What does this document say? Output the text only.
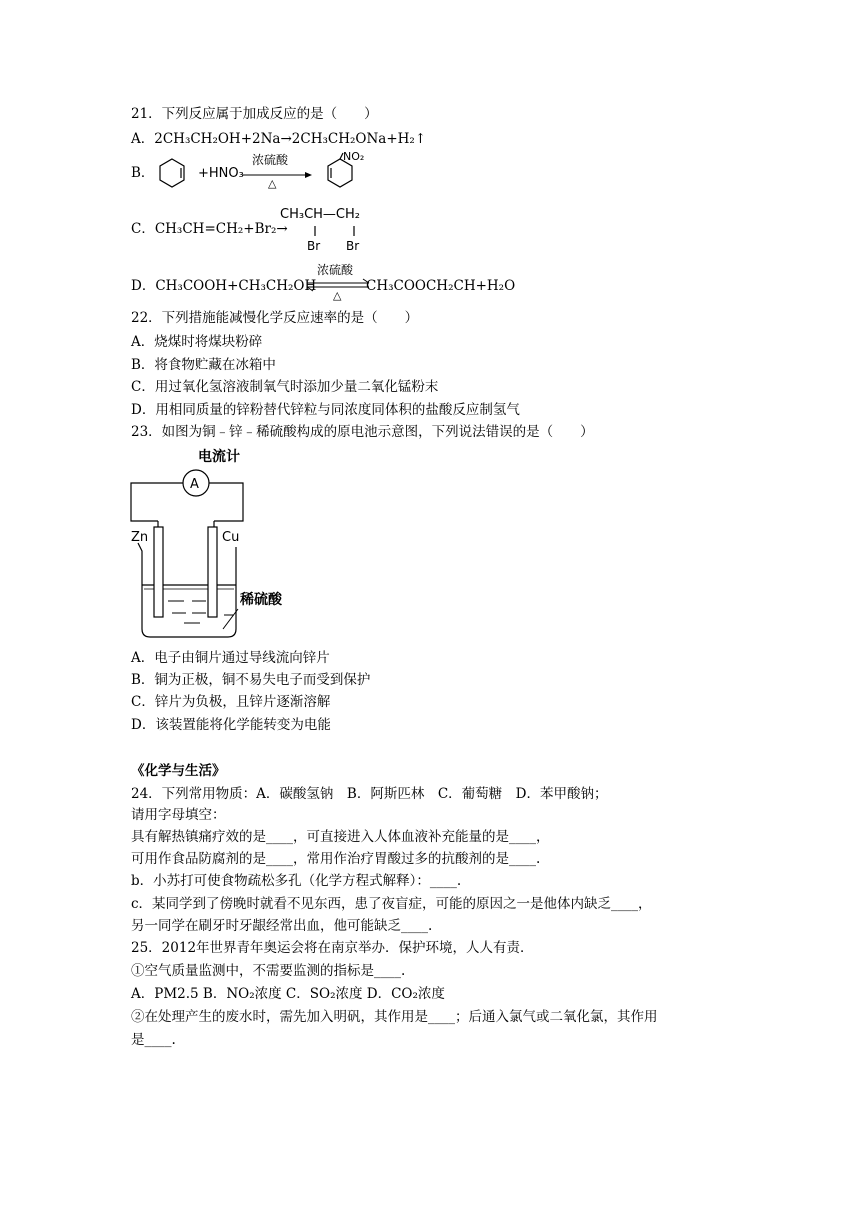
21．下列反应属于加成反应的是（　　）
A．2CH₃CH₂OH+2Na→2CH₃CH₂ONa+H₂↑
B．	+HNO₃
浓硫酸
△
NO₂
C．CH₃CH=CH₂+Br₂→
CH₃CH—CH₂
Br Br
D．CH₃COOH+CH₃CH₂OH
浓硫酸
△
CH₃COOCH₂CH+H₂O
22．下列措施能减慢化学反应速率的是（　　）
A．烧煤时将煤块粉碎
B．将食物贮藏在冰箱中
C．用过氧化氢溶液制氧气时添加少量二氧化锰粉末
D．用相同质量的锌粉替代锌粒与同浓度同体积的盐酸反应制氢气
23．如图为铜﹣锌﹣稀硫酸构成的原电池示意图，下列说法错误的是（　　）
A
电流计
Zn	Cu
稀硫酸
A．电子由铜片通过导线流向锌片
B．铜为正极，铜不易失电子而受到保护
C．锌片为负极，且锌片逐渐溶解
D．该装置能将化学能转变为电能
《化学与生活》
24．下列常用物质：A．碳酸氢钠　B．阿斯匹林　C．葡萄糖　D．苯甲酸钠；
请用字母填空：
具有解热镇痛疗效的是____，可直接进入人体血液补充能量的是____，
可用作食品防腐剂的是____，常用作治疗胃酸过多的抗酸剂的是____.
b．小苏打可使食物疏松多孔（化学方程式解释）：____.
c．某同学到了傍晚时就看不见东西，患了夜盲症，可能的原因之一是他体内缺乏____，
另一同学在刷牙时牙龈经常出血，他可能缺乏____.
25．2012年世界青年奥运会将在南京举办．保护环境，人人有责．
①空气质量监测中，不需要监测的指标是____.
A．PM2.5 B．NO₂浓度 C．SO₂浓度 D．CO₂浓度
②在处理产生的废水时，需先加入明矾，其作用是____；后通入氯气或二氧化氯，其作用
是____.
